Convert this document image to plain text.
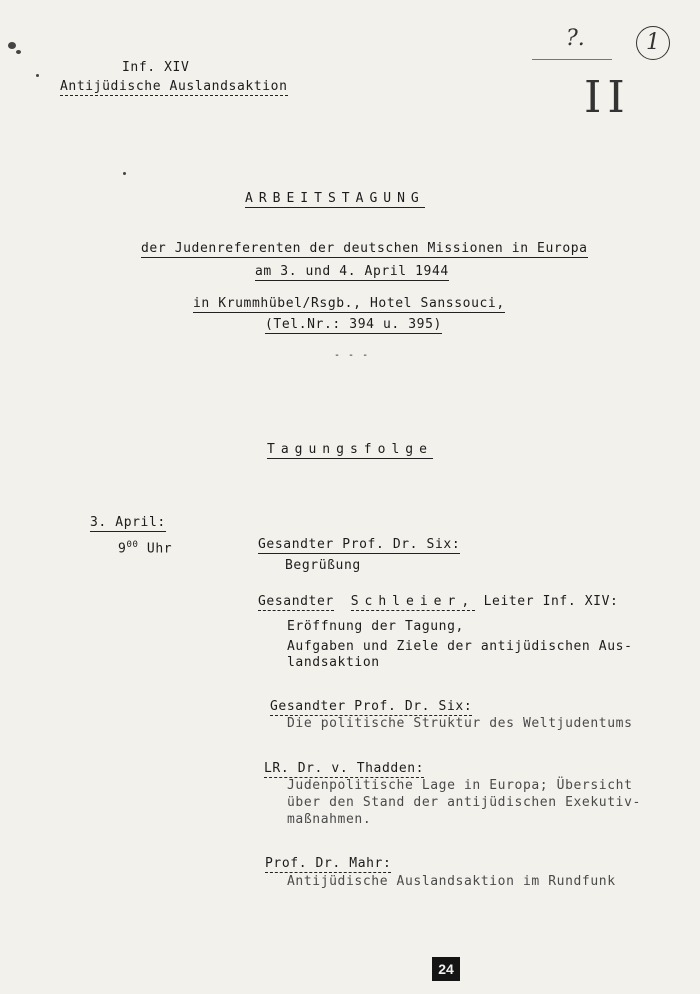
Inf. XIV
Antijüdische Auslandsaktion
?.	1
II
ARBEITSTAGUNG
der Judenreferenten der deutschen Missionen in Europa
am 3. und 4. April 1944
in Krummhübel/Rsgb., Hotel Sanssouci,
(Tel.Nr.: 394 u. 395)
- - -
Tagungsfolge
3. April:
$9^{00}$ Uhr	Gesandter Prof. Dr. Six:
Begrüßung
Gesandter Schleier, Leiter Inf. XIV:
Eröffnung der Tagung,
Aufgaben und Ziele der antijüdischen Aus-
landsaktion
Gesandter Prof. Dr. Six:
Die politische Struktur des Weltjudentums
LR. Dr. v. Thadden:
Judenpolitische Lage in Europa; Übersicht
über den Stand der antijüdischen Exekutiv-
maßnahmen.
Prof. Dr. Mahr:
Antijüdische Auslandsaktion im Rundfunk
24
